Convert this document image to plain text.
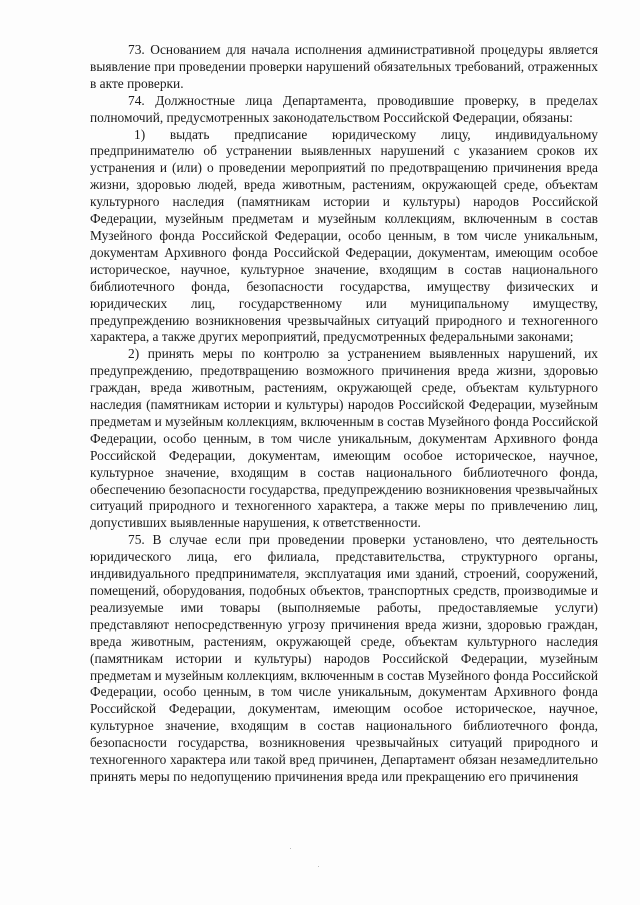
73. Основанием для начала исполнения административной процедуры является выявление при проведении проверки нарушений обязательных требований, отраженных в акте проверки.

74. Должностные лица Департамента, проводившие проверку, в пределах полномочий, предусмотренных законодательством Российской Федерации, обязаны:

1) выдать предписание юридическому лицу, индивидуальному предпринимателю об устранении выявленных нарушений с указанием сроков их устранения и (или) о проведении мероприятий по предотвращению причинения вреда жизни, здоровью людей, вреда животным, растениям, окружающей среде, объектам культурного наследия (памятникам истории и культуры) народов Российской Федерации, музейным предметам и музейным коллекциям, включенным в состав Музейного фонда Российской Федерации, особо ценным, в том числе уникальным, документам Архивного фонда Российской Федерации, документам, имеющим особое историческое, научное, культурное значение, входящим в состав национального библиотечного фонда, безопасности государства, имуществу физических и юридических лиц, государственному или муниципальному имуществу, предупреждению возникновения чрезвычайных ситуаций природного и техногенного характера, а также других мероприятий, предусмотренных федеральными законами;

2) принять меры по контролю за устранением выявленных нарушений, их предупреждению, предотвращению возможного причинения вреда жизни, здоровью граждан, вреда животным, растениям, окружающей среде, объектам культурного наследия (памятникам истории и культуры) народов Российской Федерации, музейным предметам и музейным коллекциям, включенным в состав Музейного фонда Российской Федерации, особо ценным, в том числе уникальным, документам Архивного фонда Российской Федерации, документам, имеющим особое историческое, научное, культурное значение, входящим в состав национального библиотечного фонда, обеспечению безопасности государства, предупреждению возникновения чрезвычайных ситуаций природного и техногенного характера, а также меры по привлечению лиц, допустивших выявленные нарушения, к ответственности.

75. В случае если при проведении проверки установлено, что деятельность юридического лица, его филиала, представительства, структурного органы, индивидуального предпринимателя, эксплуатация ими зданий, строений, сооружений, помещений, оборудования, подобных объектов, транспортных средств, производимые и реализуемые ими товары (выполняемые работы, предоставляемые услуги) представляют непосредственную угрозу причинения вреда жизни, здоровью граждан, вреда животным, растениям, окружающей среде, объектам культурного наследия (памятникам истории и культуры) народов Российской Федерации, музейным предметам и музейным коллекциям, включенным в состав Музейного фонда Российской Федерации, особо ценным, в том числе уникальным, документам Архивного фонда Российской Федерации, документам, имеющим особое историческое, научное, культурное значение, входящим в состав национального библиотечного фонда, безопасности государства, возникновения чрезвычайных ситуаций природного и техногенного характера или такой вред причинен, Департамент обязан незамедлительно принять меры по недопущению причинения вреда или прекращению его причинения
